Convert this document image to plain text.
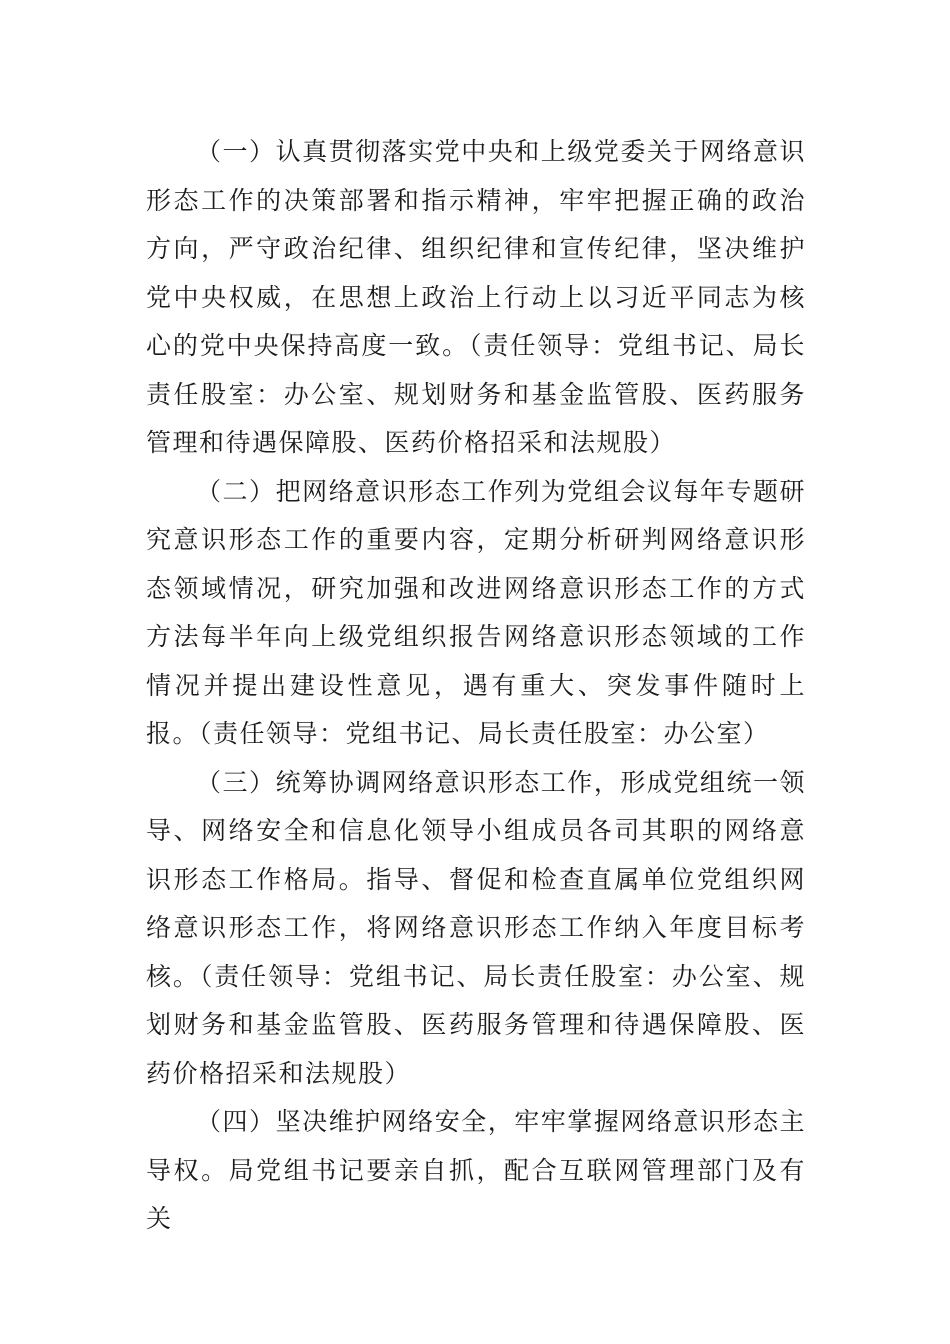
（一）认真贯彻落实党中央和上级党委关于网络意识形态工作的决策部署和指示精神，牢牢把握正确的政治方向，严守政治纪律、组织纪律和宣传纪律，坚决维护党中央权威，在思想上政治上行动上以习近平同志为核心的党中央保持高度一致。（责任领导：党组书记、局长责任股室：办公室、规划财务和基金监管股、医药服务管理和待遇保障股、医药价格招采和法规股）

（二）把网络意识形态工作列为党组会议每年专题研究意识形态工作的重要内容，定期分析研判网络意识形态领域情况，研究加强和改进网络意识形态工作的方式方法每半年向上级党组织报告网络意识形态领域的工作情况并提出建设性意见，遇有重大、突发事件随时上报。（责任领导：党组书记、局长责任股室：办公室）

（三）统筹协调网络意识形态工作，形成党组统一领导、网络安全和信息化领导小组成员各司其职的网络意识形态工作格局。指导、督促和检查直属单位党组织网络意识形态工作，将网络意识形态工作纳入年度目标考核。（责任领导：党组书记、局长责任股室：办公室、规划财务和基金监管股、医药服务管理和待遇保障股、医药价格招采和法规股）

（四）坚决维护网络安全，牢牢掌握网络意识形态主导权。局党组书记要亲自抓，配合互联网管理部门及有关
